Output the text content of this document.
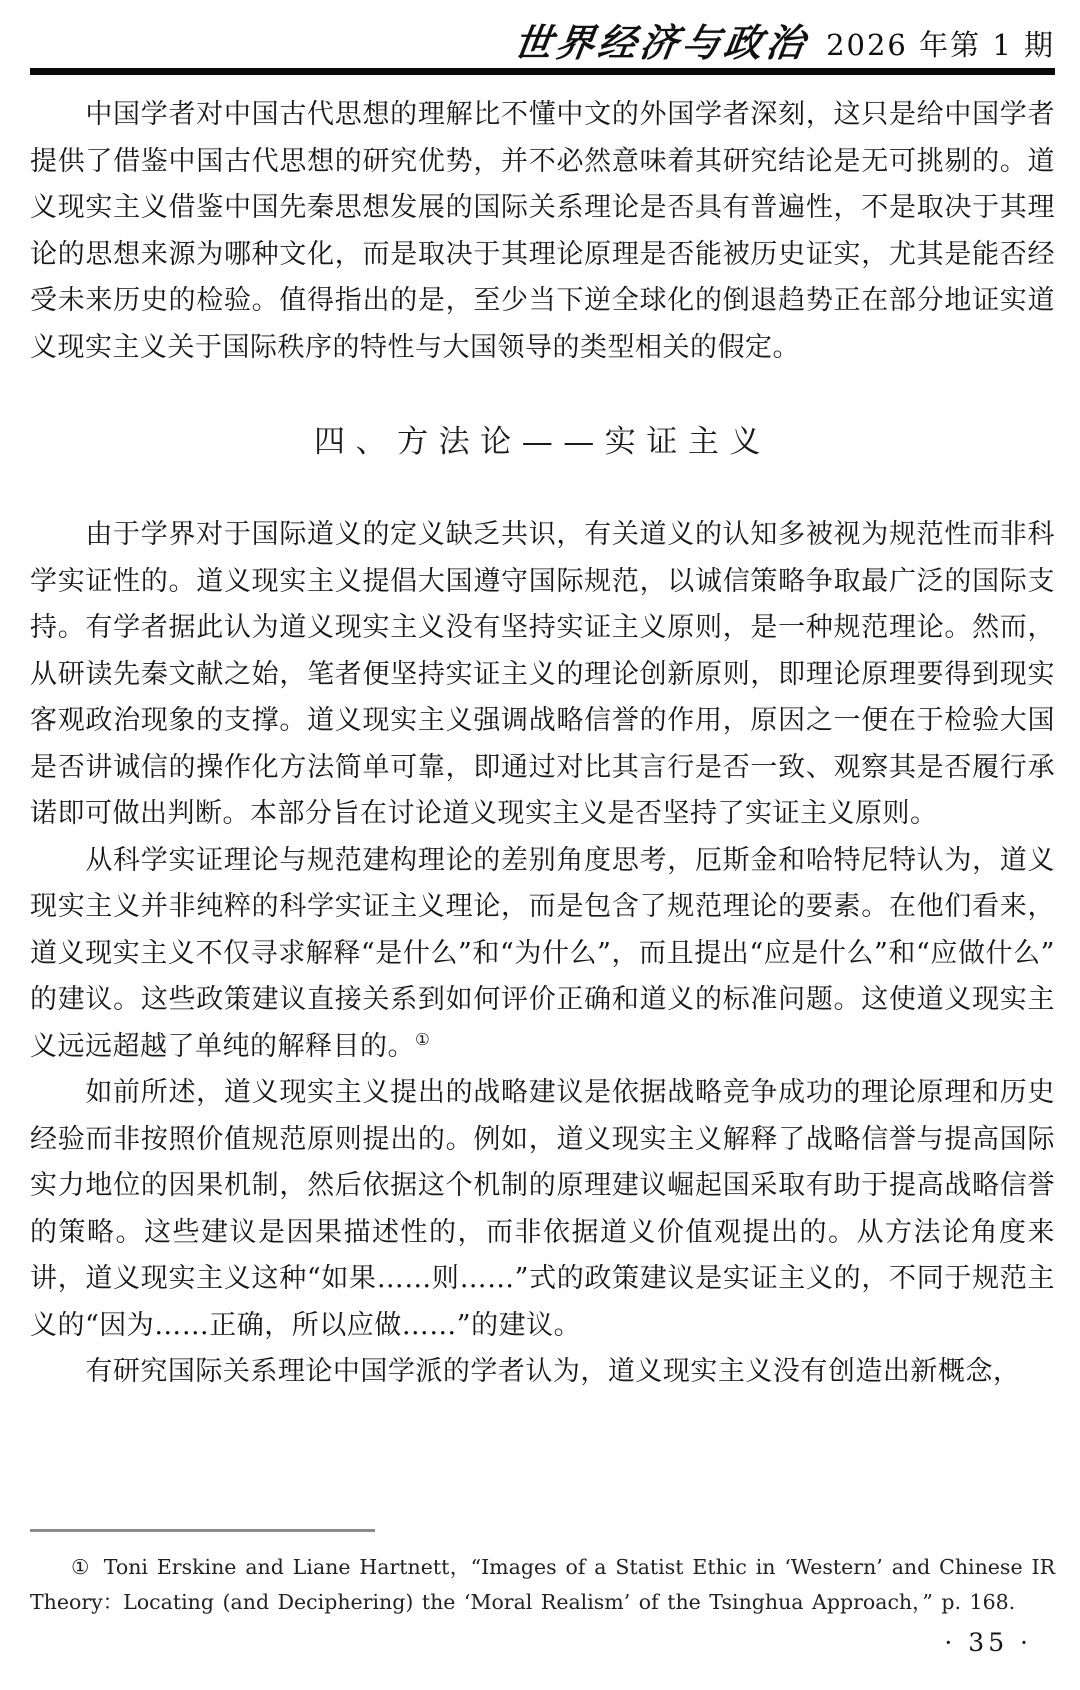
世界经济与政治 2026 年第 1 期

中国学者对中国古代思想的理解比不懂中文的外国学者深刻，这只是给中国学者提供了借鉴中国古代思想的研究优势，并不必然意味着其研究结论是无可挑剔的。道义现实主义借鉴中国先秦思想发展的国际关系理论是否具有普遍性，不是取决于其理论的思想来源为哪种文化，而是取决于其理论原理是否能被历史证实，尤其是能否经受未来历史的检验。值得指出的是，至少当下逆全球化的倒退趋势正在部分地证实道义现实主义关于国际秩序的特性与大国领导的类型相关的假定。

四、方法论——实证主义

由于学界对于国际道义的定义缺乏共识，有关道义的认知多被视为规范性而非科学实证性的。道义现实主义提倡大国遵守国际规范，以诚信策略争取最广泛的国际支持。有学者据此认为道义现实主义没有坚持实证主义原则，是一种规范理论。然而，从研读先秦文献之始，笔者便坚持实证主义的理论创新原则，即理论原理要得到现实客观政治现象的支撑。道义现实主义强调战略信誉的作用，原因之一便在于检验大国是否讲诚信的操作化方法简单可靠，即通过对比其言行是否一致、观察其是否履行承诺即可做出判断。本部分旨在讨论道义现实主义是否坚持了实证主义原则。

从科学实证理论与规范建构理论的差别角度思考，厄斯金和哈特尼特认为，道义现实主义并非纯粹的科学实证主义理论，而是包含了规范理论的要素。在他们看来，道义现实主义不仅寻求解释“是什么”和“为什么”，而且提出“应是什么”和“应做什么”的建议。这些政策建议直接关系到如何评价正确和道义的标准问题。这使道义现实主义远远超越了单纯的解释目的。①

如前所述，道义现实主义提出的战略建议是依据战略竞争成功的理论原理和历史经验而非按照价值规范原则提出的。例如，道义现实主义解释了战略信誉与提高国际实力地位的因果机制，然后依据这个机制的原理建议崛起国采取有助于提高战略信誉的策略。这些建议是因果描述性的，而非依据道义价值观提出的。从方法论角度来讲，道义现实主义这种“如果……则……”式的政策建议是实证主义的，不同于规范主义的“因为……正确，所以应做……”的建议。

有研究国际关系理论中国学派的学者认为，道义现实主义没有创造出新概念，

① Toni Erskine and Liane Hartnett，“Images of a Statist Ethic in ‘Western’ and Chinese IR Theory：Locating (and Deciphering) the ‘Moral Realism’ of the Tsinghua Approach，” p. 168.
· 35 ·
